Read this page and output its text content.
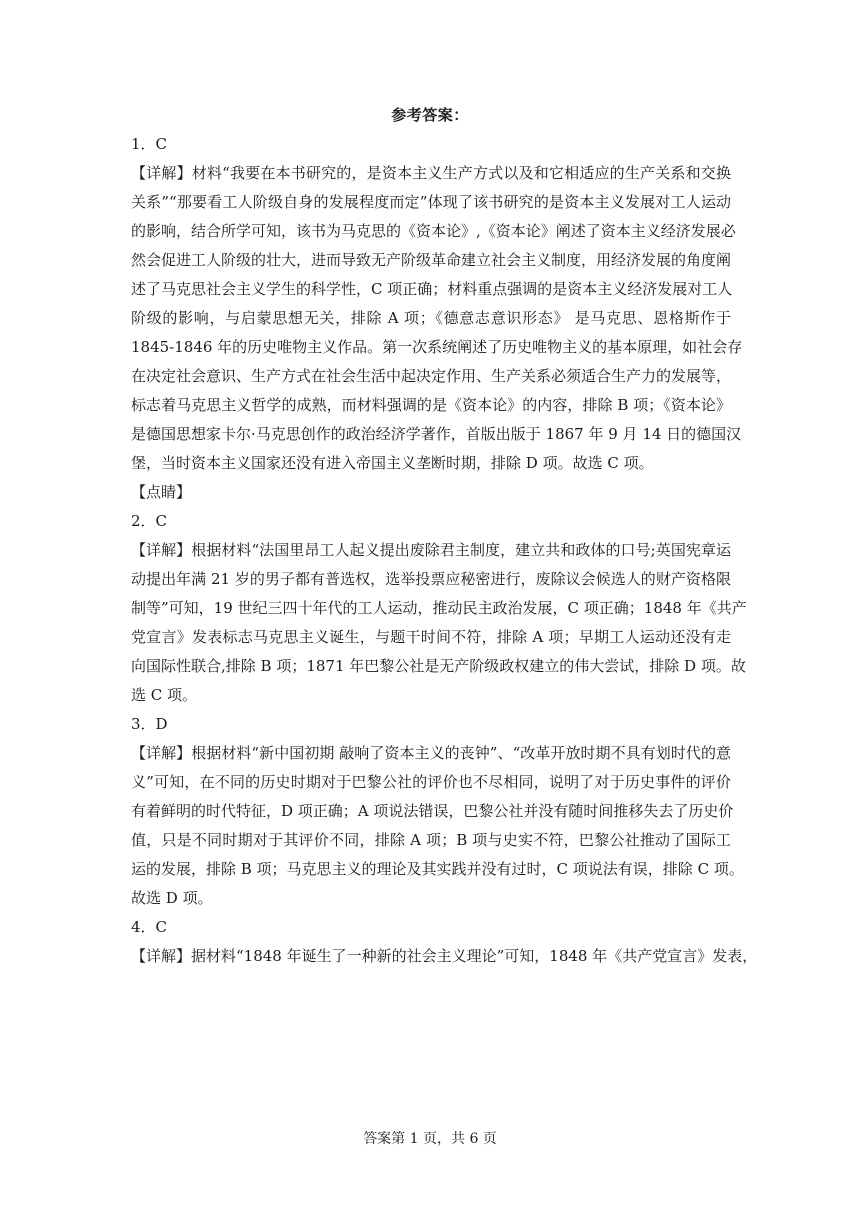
参考答案：
1．C
【详解】材料“我要在本书研究的，是资本主义生产方式以及和它相适应的生产关系和交换
关系”“那要看工人阶级自身的发展程度而定”体现了该书研究的是资本主义发展对工人运动
的影响，结合所学可知，该书为马克思的《资本论》,《资本论》阐述了资本主义经济发展必
然会促进工人阶级的壮大，进而导致无产阶级革命建立社会主义制度，用经济发展的角度阐
述了马克思社会主义学生的科学性，C 项正确；材料重点强调的是资本主义经济发展对工人
阶级的影响，与启蒙思想无关，排除 A 项；《德意志意识形态》 是马克思、恩格斯作于
1845-1846 年的历史唯物主义作品。第一次系统阐述了历史唯物主义的基本原理，如社会存
在决定社会意识、生产方式在社会生活中起决定作用、生产关系必须适合生产力的发展等，
标志着马克思主义哲学的成熟，而材料强调的是《资本论》的内容，排除 B 项；《资本论》
是德国思想家卡尔·马克思创作的政治经济学著作，首版出版于 1867 年 9 月 14 日的德国汉
堡，当时资本主义国家还没有进入帝国主义垄断时期，排除 D 项。故选 C 项。
【点睛】
2．C
【详解】根据材料“法国里昂工人起义提出废除君主制度，建立共和政体的口号;英国宪章运
动提出年满 21 岁的男子都有普选权，选举投票应秘密进行，废除议会候选人的财产资格限
制等”可知，19 世纪三四十年代的工人运动，推动民主政治发展，C 项正确；1848 年《共产
党宣言》发表标志马克思主义诞生，与题干时间不符，排除 A 项；早期工人运动还没有走
向国际性联合,排除 B 项；1871 年巴黎公社是无产阶级政权建立的伟大尝试，排除 D 项。故
选 C 项。
3．D
【详解】根据材料“新中国初期 敲响了资本主义的丧钟”、“改革开放时期不具有划时代的意
义”可知，在不同的历史时期对于巴黎公社的评价也不尽相同，说明了对于历史事件的评价
有着鲜明的时代特征，D 项正确；A 项说法错误，巴黎公社并没有随时间推移失去了历史价
值，只是不同时期对于其评价不同，排除 A 项；B 项与史实不符，巴黎公社推动了国际工
运的发展，排除 B 项；马克思主义的理论及其实践并没有过时，C 项说法有误，排除 C 项。
故选 D 项。
4．C
【详解】据材料“1848 年诞生了一种新的社会主义理论”可知，1848 年《共产党宣言》发表，
答案第 1 页，共 6 页
